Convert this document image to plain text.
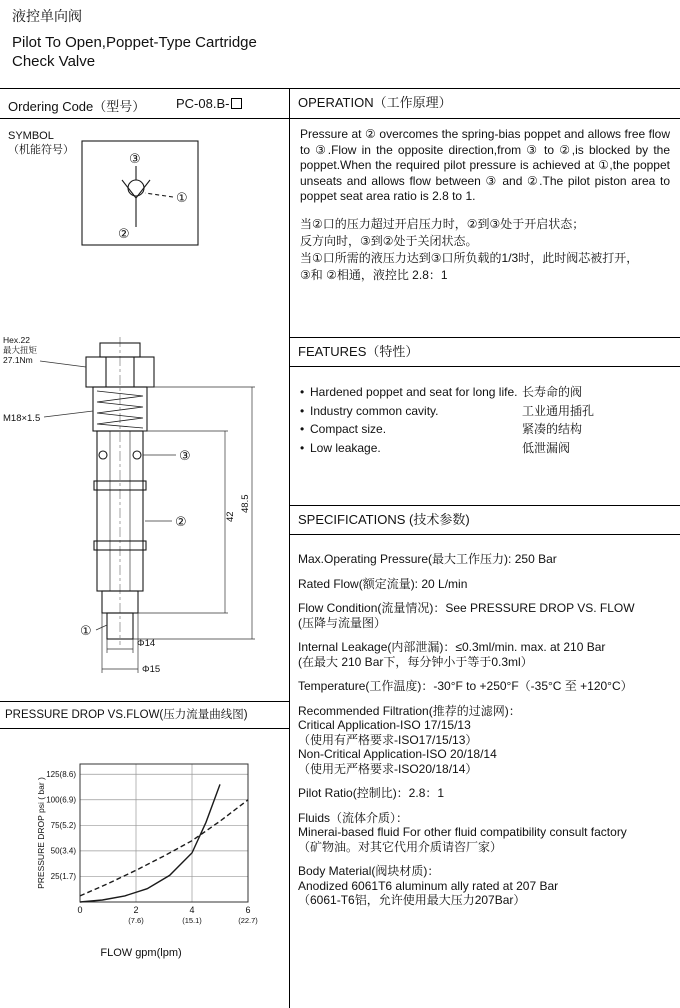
液控单向阀
Pilot To Open,Poppet-Type Cartridge
Check Valve
Ordering Code（型号） PC-08.B-
SYMBOL
（机能符号）
③
①
②
Hex.22
最大扭矩
27.1Nm
M18×1.5
③
②
①
Φ14
Φ15
42
48.5
PRESSURE DROP VS.FLOW(压力流量曲线图)
25(1.7)
50(3.4)
75(5.2)
100(6.9)
125(8.6)
0	2
(7.6)
4
(15.1)
6
(22.7)
PRESSURE DROP psi ( bar )
FLOW gpm(lpm)
OPERATION（工作原理）
Pressure at ② overcomes the spring-bias poppet and allows free flow to ③.Flow in the opposite direction,from ③ to ②,is blocked by the poppet.When the required pilot pressure is achieved at ①,the poppet unseats and allows flow between ③ and ②.The pilot piston area to poppet seat area ratio is 2.8 to 1.
当②口的压力超过开启压力时，②到③处于开启状态；
反方向时，③到②处于关闭状态。
当①口所需的液压力达到③口所负载的1/3时，此时阀芯被打开，
③和 ②相通，液控比 2.8：1
FEATURES（特性）
• Hardened poppet and seat for long life. 长寿命的阀
• Industry common cavity.	工业通用插孔
• Compact size.	紧凑的结构
• Low leakage.	低泄漏阀
SPECIFICATIONS (技术参数)
Max.Operating Pressure(最大工作压力): 250 Bar
Rated Flow(额定流量): 20 L/min
Flow Condition(流量情况)：See PRESSURE DROP VS. FLOW
(压降与流量图）
Internal Leakage(内部泄漏)：≤0.3ml/min. max. at 210 Bar
(在最大 210 Bar下，每分钟小于等于0.3ml）
Temperature(工作温度)：-30°F to +250°F（-35°C 至 +120°C）
Recommended Filtration(推荐的过滤网)：
Critical Application-ISO 17/15/13
（使用有严格要求-ISO17/15/13）
Non-Critical Application-ISO 20/18/14
（使用无严格要求-ISO20/18/14）
Pilot Ratio(控制比)：2.8：1
Fluids（流体介质）：
Minerai-based fluid For other fluid compatibility consult factory
（矿物油。对其它代用介质请咨厂家）
Body Material(阀块材质)：
Anodized 6061T6 aluminum ally rated at 207 Bar
（6061-T6铝，允许使用最大压力207Bar）
